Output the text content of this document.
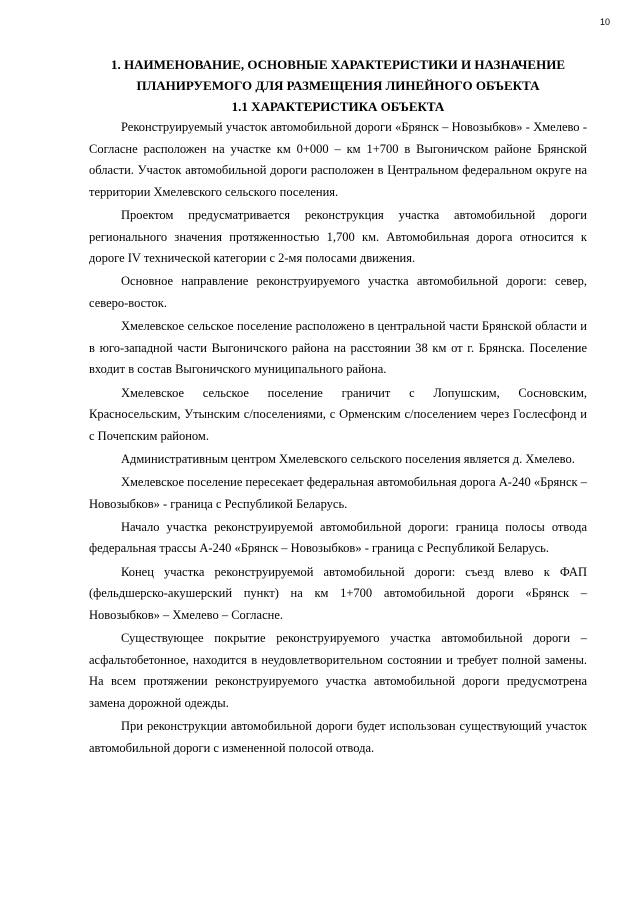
10

1. НАИМЕНОВАНИЕ, ОСНОВНЫЕ ХАРАКТЕРИСТИКИ И НАЗНАЧЕНИЕ

ПЛАНИРУЕМОГО ДЛЯ РАЗМЕЩЕНИЯ ЛИНЕЙНОГО ОБЪЕКТА

1.1 ХАРАКТЕРИСТИКА ОБЪЕКТА

Реконструируемый участок автомобильной дороги «Брянск – Новозыбков» - Хмелево - Согласне расположен на участке км 0+000 – км 1+700 в Выгоничском районе Брянской области. Участок автомобильной дороги расположен в Центральном федеральном округе на территории Хмелевского сельского поселения.

Проектом предусматривается реконструкция участка автомобильной дороги регионального значения протяженностью 1,700 км. Автомобильная дорога относится к дороге IV технической категории с 2-мя полосами движения.

Основное направление реконструируемого участка автомобильной дороги: север, северо-восток.

Хмелевское сельское поселение расположено в центральной части Брянской области и в юго-западной части Выгоничского района на расстоянии 38 км от г. Брянска. Поселение входит в состав Выгоничского муниципального района.

Хмелевское сельское поселение граничит с Лопушским, Сосновским, Красносельским, Утынским с/поселениями, с Орменским с/поселением через Гослесфонд и с Почепским районом.

Административным центром Хмелевского сельского поселения является д. Хмелево.

Хмелевское поселение пересекает федеральная автомобильная дорога А-240 «Брянск – Новозыбков» - граница с Республикой Беларусь.

Начало участка реконструируемой автомобильной дороги: граница полосы отвода федеральная трассы А-240 «Брянск – Новозыбков» - граница с Республикой Беларусь.

Конец участка реконструируемой автомобильной дороги: съезд влево к ФАП (фельдшерско-акушерский пункт) на км 1+700 автомобильной дороги «Брянск – Новозыбков» – Хмелево – Согласне.

Существующее покрытие реконструируемого участка автомобильной дороги – асфальтобетонное, находится в неудовлетворительном состоянии и требует полной замены. На всем протяжении реконструируемого участка автомобильной дороги предусмотрена замена дорожной одежды.

При реконструкции автомобильной дороги будет использован существующий участок автомобильной дороги с измененной полосой отвода.
